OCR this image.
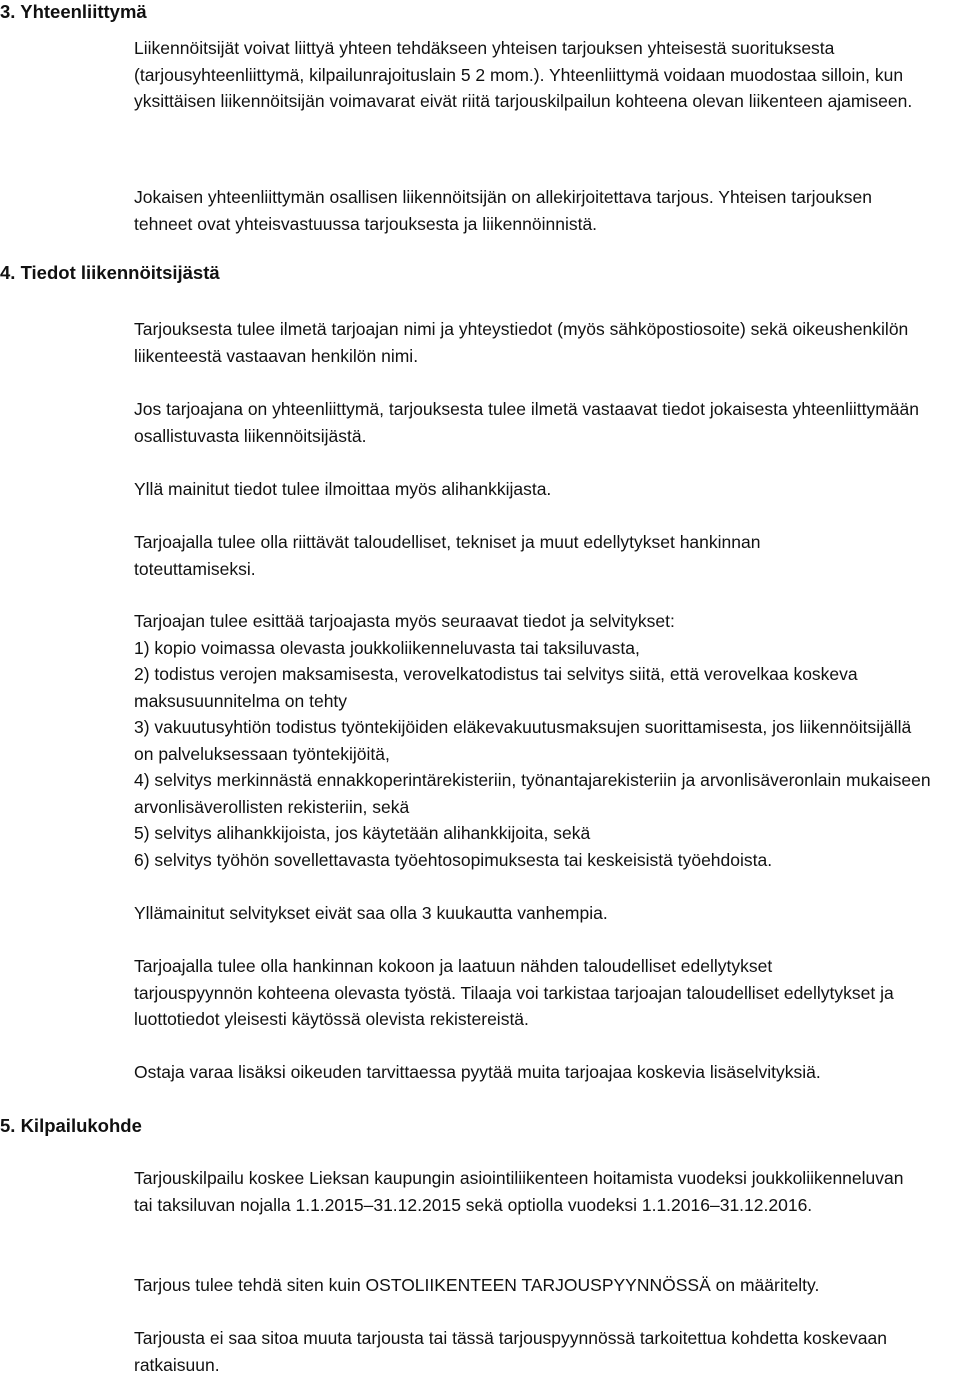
3. Yhteenliittymä

Liikennöitsijät voivat liittyä yhteen tehdäkseen yhteisen tarjouksen yhteisestä suorituksesta (tarjousyhteenliittymä, kilpailunrajoituslain 5 2 mom.). Yhteenliittymä voidaan muodostaa silloin, kun yksittäisen liikennöitsijän voimavarat eivät riitä tarjouskilpailun kohteena olevan liikenteen ajamiseen.

Jokaisen yhteenliittymän osallisen liikennöitsijän on allekirjoitettava tarjous. Yhteisen tarjouksen tehneet ovat yhteisvastuussa tarjouksesta ja liikennöinnistä.

4. Tiedot liikennöitsijästä

Tarjouksesta tulee ilmetä tarjoajan nimi ja yhteystiedot (myös sähköpostiosoite) sekä oikeushenkilön liikenteestä vastaavan henkilön nimi.

Jos tarjoajana on yhteenliittymä, tarjouksesta tulee ilmetä vastaavat tiedot jokaisesta yhteenliittymään osallistuvasta liikennöitsijästä.

Yllä mainitut tiedot tulee ilmoittaa myös alihankkijasta.

Tarjoajalla tulee olla riittävät taloudelliset, tekniset ja muut edellytykset hankinnan toteuttamiseksi.

Tarjoajan tulee esittää tarjoajasta myös seuraavat tiedot ja selvitykset:
1) kopio voimassa olevasta joukkoliikenneluvasta tai taksiluvasta,
2) todistus verojen maksamisesta, verovelkatodistus tai selvitys siitä, että verovelkaa koskeva maksusuunnitelma on tehty
3) vakuutusyhtiön todistus työntekijöiden eläkevakuutusmaksujen suorittamisesta, jos liikennöitsijällä on palveluksessaan työntekijöitä,
4) selvitys merkinnästä ennakkoperintärekisteriin, työnantajarekisteriin ja arvonlisäveronlain mukaiseen arvonlisäverollisten rekisteriin, sekä
5) selvitys alihankkijoista, jos käytetään alihankkijoita, sekä
6) selvitys työhön sovellettavasta työehtosopimuksesta tai keskeisistä työehdoista.

Yllämainitut selvitykset eivät saa olla 3 kuukautta vanhempia.

Tarjoajalla tulee olla hankinnan kokoon ja laatuun nähden taloudelliset edellytykset tarjouspyynnön kohteena olevasta työstä. Tilaaja voi tarkistaa tarjoajan taloudelliset edellytykset ja luottotiedot yleisesti käytössä olevista rekistereistä.

Ostaja varaa lisäksi oikeuden tarvittaessa pyytää muita tarjoajaa koskevia lisäselvityksiä.

5. Kilpailukohde

Tarjouskilpailu koskee Lieksan kaupungin asiointiliikenteen hoitamista vuodeksi joukkoliikenneluvan tai taksiluvan nojalla 1.1.2015–31.12.2015 sekä optiolla vuodeksi 1.1.2016–31.12.2016.

Tarjous tulee tehdä siten kuin OSTOLIIKENTEEN TARJOUSPYYNNÖSSÄ on määritelty.

Tarjousta ei saa sitoa muuta tarjousta tai tässä tarjouspyynnössä tarkoitettua kohdetta koskevaan ratkaisuun.
